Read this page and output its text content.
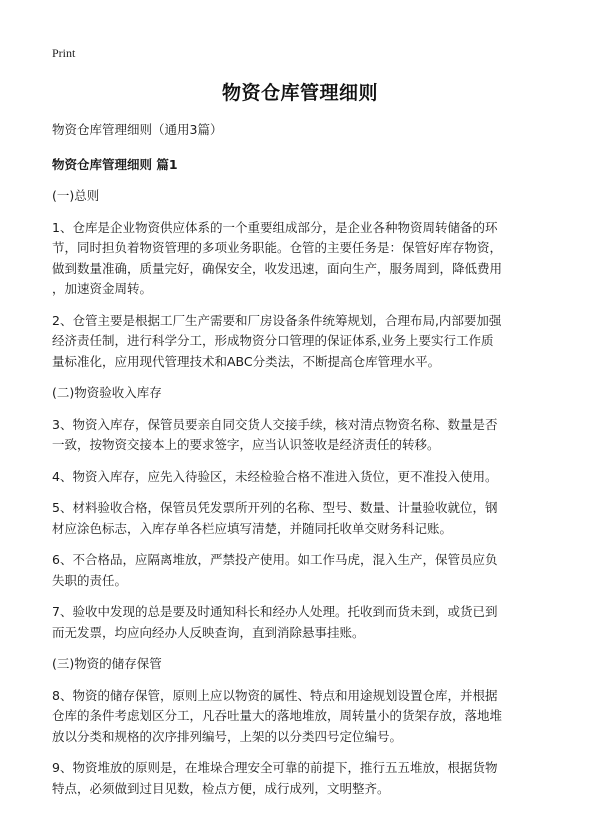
Print
物资仓库管理细则
物资仓库管理细则（通用3篇）
物资仓库管理细则 篇1
(一)总则
1、仓库是企业物资供应体系的一个重要组成部分，是企业各种物资周转储备的环
节，同时担负着物资管理的多项业务职能。仓管的主要任务是：保管好库存物资，
做到数量准确，质量完好，确保安全，收发迅速，面向生产，服务周到，降低费用
，加速资金周转。
2、仓管主要是根据工厂生产需要和厂房设备条件统筹规划，合理布局,内部要加强
经济责任制，进行科学分工，形成物资分口管理的保证体系,业务上要实行工作质
量标准化，应用现代管理技术和ABC分类法，不断提高仓库管理水平。
(二)物资验收入库存
3、物资入库存，保管员要亲自同交货人交接手续，核对清点物资名称、数量是否
一致，按物资交接本上的要求签字，应当认识签收是经济责任的转移。
4、物资入库存，应先入待验区，未经检验合格不准进入货位，更不准投入使用。
5、材料验收合格，保管员凭发票所开列的名称、型号、数量、计量验收就位，钢
材应涂色标志，入库存单各栏应填写清楚，并随同托收单交财务科记账。
6、不合格品，应隔离堆放，严禁投产使用。如工作马虎，混入生产，保管员应负
失职的责任。
7、验收中发现的总是要及时通知科长和经办人处理。托收到而货未到，或货已到
而无发票，均应向经办人反映查询，直到消除悬事挂账。
(三)物资的储存保管
8、物资的储存保管，原则上应以物资的属性、特点和用途规划设置仓库，并根据
仓库的条件考虑划区分工，凡吞吐量大的落地堆放，周转量小的货架存放，落地堆
放以分类和规格的次序排列编号，上架的以分类四号定位编号。
9、物资堆放的原则是，在堆垛合理安全可靠的前提下，推行五五堆放，根据货物
特点，必须做到过目见数，检点方便，成行成列，文明整齐。
